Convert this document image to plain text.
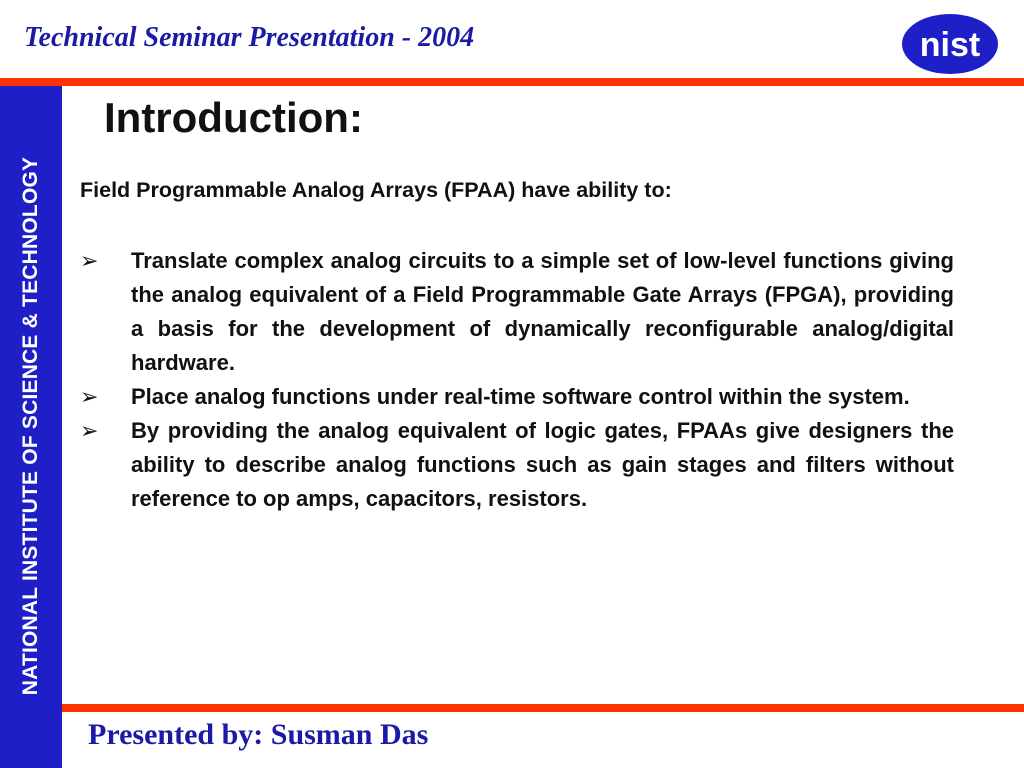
Technical Seminar Presentation - 2004	nist
NATIONAL INSTITUTE OF SCIENCE & TECHNOLOGY
Introduction:
Field Programmable Analog Arrays (FPAA) have ability to:
➢ Translate complex analog circuits to a simple set of low-level functions giving the analog equivalent of a Field Programmable Gate Arrays (FPGA), providing a basis for the development of dynamically reconfigurable analog/digital hardware.
➢ Place analog functions under real-time software control within the system.
➢ By providing the analog equivalent of logic gates, FPAAs give designers the ability to describe analog functions such as gain stages and filters without reference to op amps, capacitors, resistors.
Presented by: Susman Das
